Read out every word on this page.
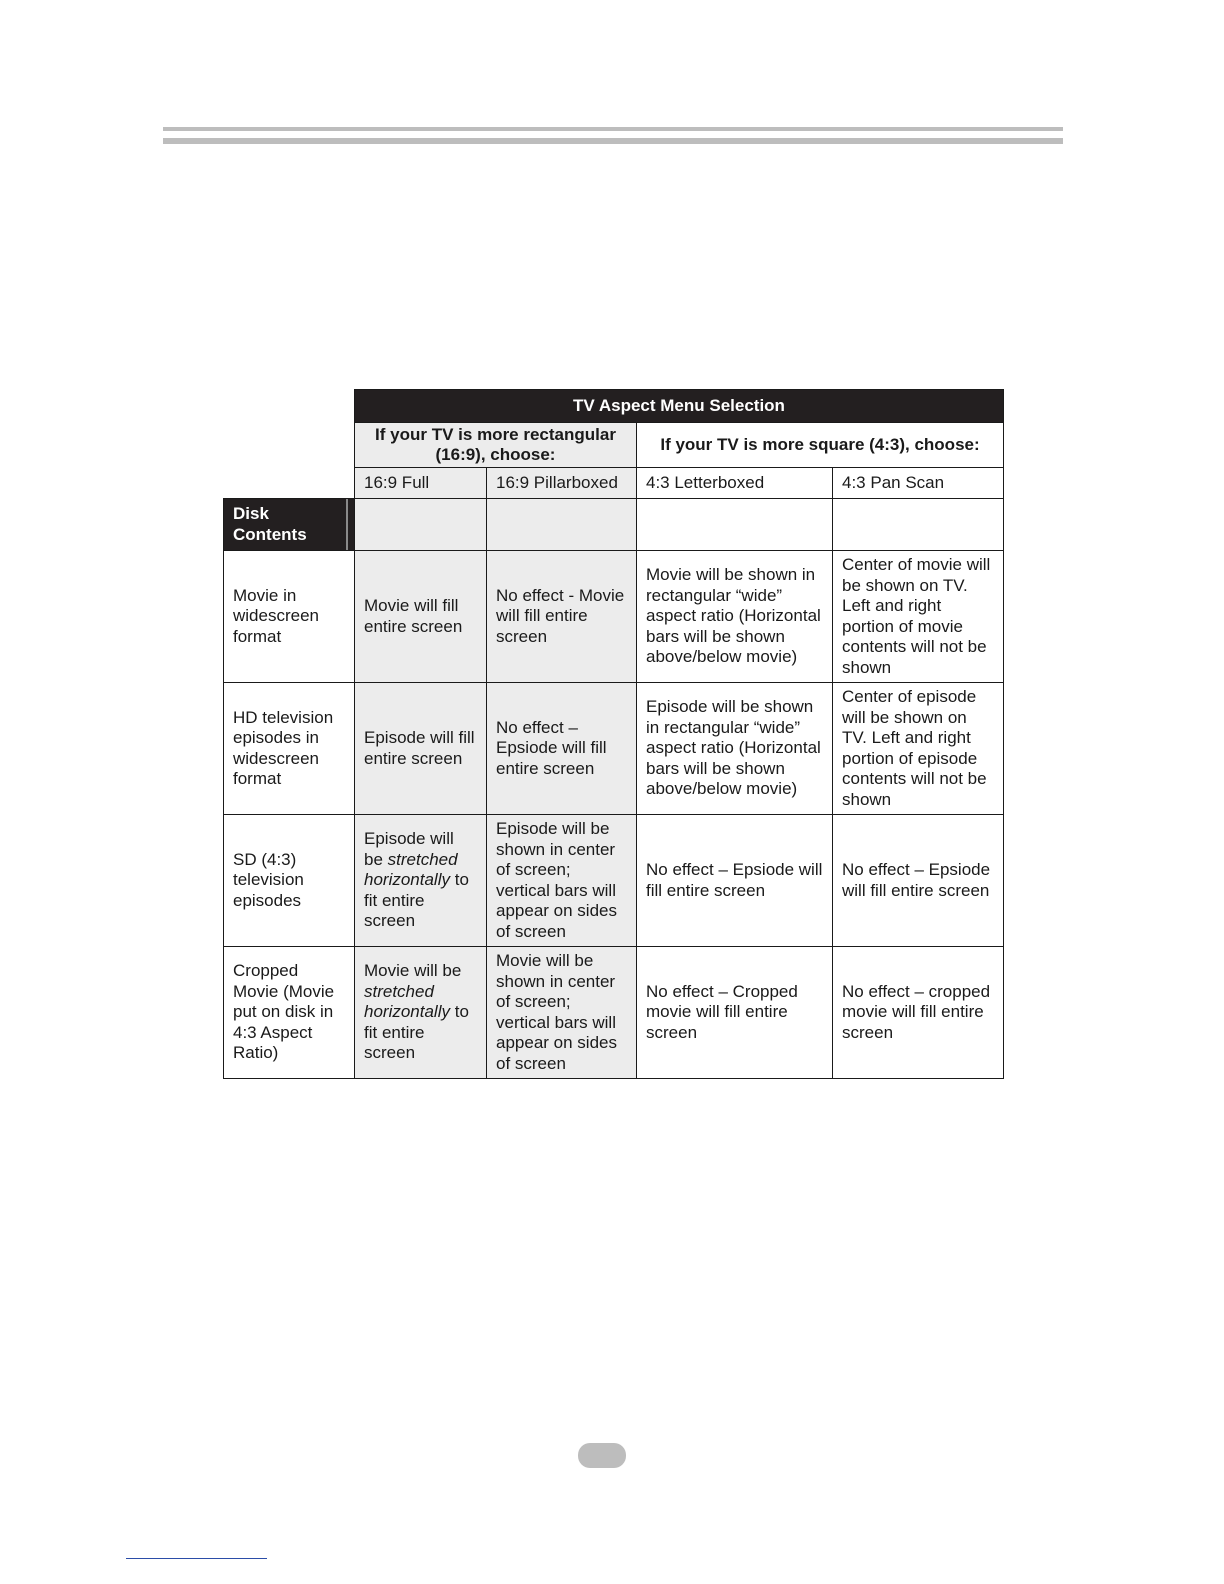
	TV Aspect Menu Selection			
	If your TV is more rectangular (16:9), choose:		If your TV is more square (4:3), choose:	
	16:9 Full	16:9 Pillarboxed	4:3 Letterboxed	4:3 Pan Scan
Disk Contents

Movie in widescreen format	Movie will fill entire screen	No effect - Movie will fill entire screen	Movie will be shown in rectangular “wide” aspect ratio (Horizontal bars will be shown above/below movie)	Center of movie will be shown on TV. Left and right portion of movie contents will not be shown
HD television episodes in widescreen format	Episode will fill entire screen	No effect – Epsiode will fill entire screen	Episode will be shown in rectangular “wide” aspect ratio (Horizontal bars will be shown above/below movie)	Center of episode will be shown on TV. Left and right portion of episode contents will not be shown
SD (4:3) television episodes	Episode will be stretched horizontally to fit entire screen	Episode will be shown in center of screen; vertical bars will appear on sides of screen	No effect – Epsiode will fill entire screen	No effect – Epsiode will fill entire screen
Cropped Movie (Movie put on disk in 4:3 Aspect Ratio)	Movie will be stretched horizontally to fit entire screen	Movie will be shown in center of screen; vertical bars will appear on sides of screen	No effect – Cropped movie will fill entire screen	No effect – cropped movie will fill entire screen
